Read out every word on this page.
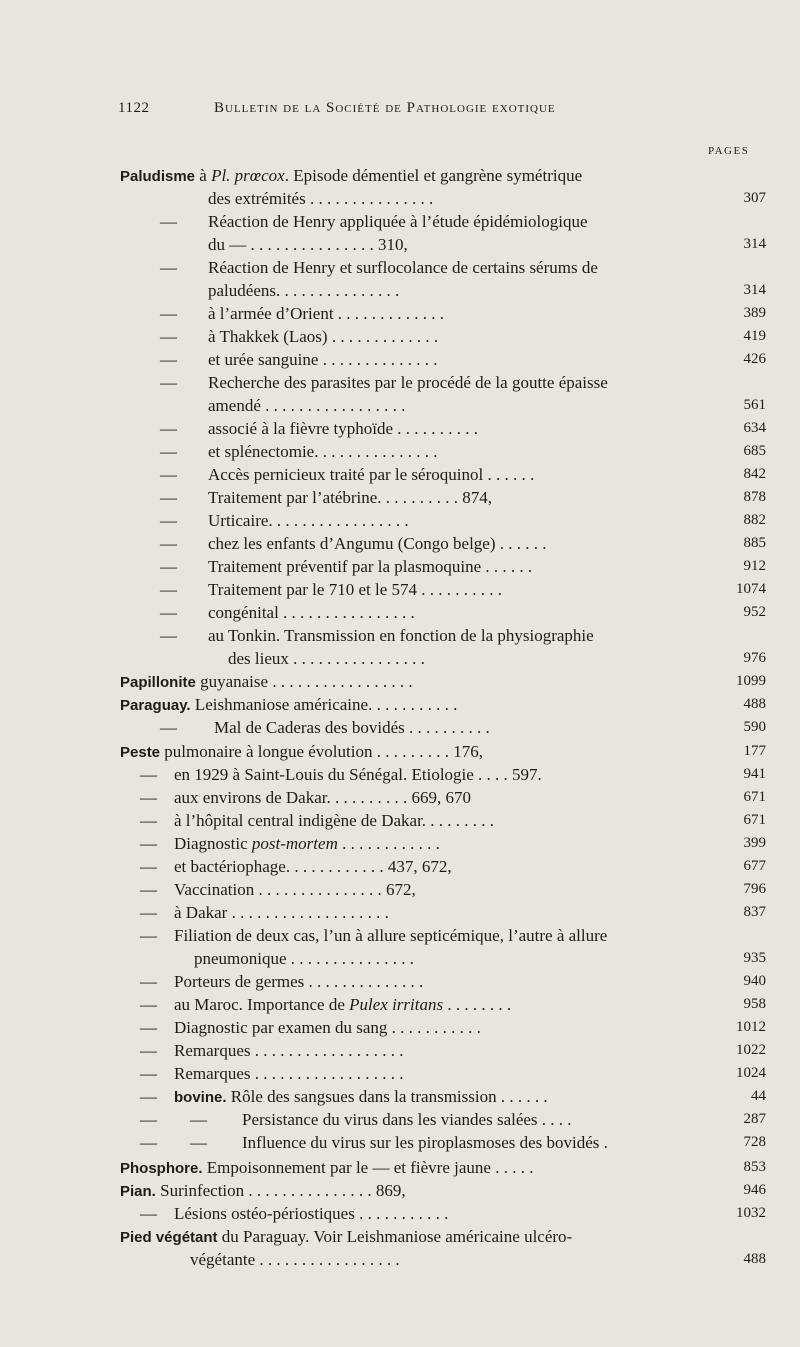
1122	Bulletin de la Société de Pathologie exotique
PAGES
Paludisme à Pl. prœcox. Episode démentiel et gangrène symétrique
des extrémités . . . . . . . . . . . . . . .	307
— Réaction de Henry appliquée à l’étude épidémiologique
du — . . . . . . . . . . . . . . . 310,	314
— Réaction de Henry et surflocolance de certains sérums de
paludéens. . . . . . . . . . . . . . .	314
— à l’armée d’Orient . . . . . . . . . . . . .	389
— à Thakkek (Laos) . . . . . . . . . . . . .	419
— et urée sanguine . . . . . . . . . . . . . .	426
— Recherche des parasites par le procédé de la goutte épaisse
amendé . . . . . . . . . . . . . . . . .	561
— associé à la fièvre typhoïde . . . . . . . . . .	634
— et splénectomie. . . . . . . . . . . . . . .	685
— Accès pernicieux traité par le séroquinol . . . . . .	842
— Traitement par l’atébrine. . . . . . . . . . 874,	878
— Urticaire. . . . . . . . . . . . . . . . .	882
— chez les enfants d’Angumu (Congo belge) . . . . . .	885
— Traitement préventif par la plasmoquine . . . . . .	912
— Traitement par le 710 et le 574 . . . . . . . . . .	1074
— congénital . . . . . . . . . . . . . . . .	952
— au Tonkin. Transmission en fonction de la physiographie
des lieux . . . . . . . . . . . . . . . .	976
Papillonite guyanaise . . . . . . . . . . . . . . . . .	1099
Paraguay. Leishmaniose américaine. . . . . . . . . . .	488
— Mal de Caderas des bovidés . . . . . . . . . .	590
Peste pulmonaire à longue évolution . . . . . . . . . 176,	177
— en 1929 à Saint-Louis du Sénégal. Etiologie . . . . 597.	941
— aux environs de Dakar. . . . . . . . . . 669, 670	671
— à l’hôpital central indigène de Dakar. . . . . . . . .	671
— Diagnostic post-mortem . . . . . . . . . . . .	399
— et bactériophage. . . . . . . . . . . . 437, 672,	677
— Vaccination . . . . . . . . . . . . . . . 672,	796
— à Dakar . . . . . . . . . . . . . . . . . . .	837
— Filiation de deux cas, l’un à allure septicémique, l’autre à allure
pneumonique . . . . . . . . . . . . . . .	935
— Porteurs de germes . . . . . . . . . . . . . .	940
— au Maroc. Importance de Pulex irritans . . . . . . . .	958
— Diagnostic par examen du sang . . . . . . . . . . .	1012
— Remarques . . . . . . . . . . . . . . . . . .	1022
— Remarques . . . . . . . . . . . . . . . . . .	1024
— bovine. Rôle des sangsues dans la transmission . . . . . .	44
— — Persistance du virus dans les viandes salées . . . .	287
— — Influence du virus sur les piroplasmoses des bovidés .	728
Phosphore. Empoisonnement par le — et fièvre jaune . . . . .	853
Pian. Surinfection . . . . . . . . . . . . . . . 869,	946
— Lésions ostéo-périostiques . . . . . . . . . . .	1032
Pied végétant du Paraguay. Voir Leishmaniose américaine ulcéro-
végétante . . . . . . . . . . . . . . . . .	488
